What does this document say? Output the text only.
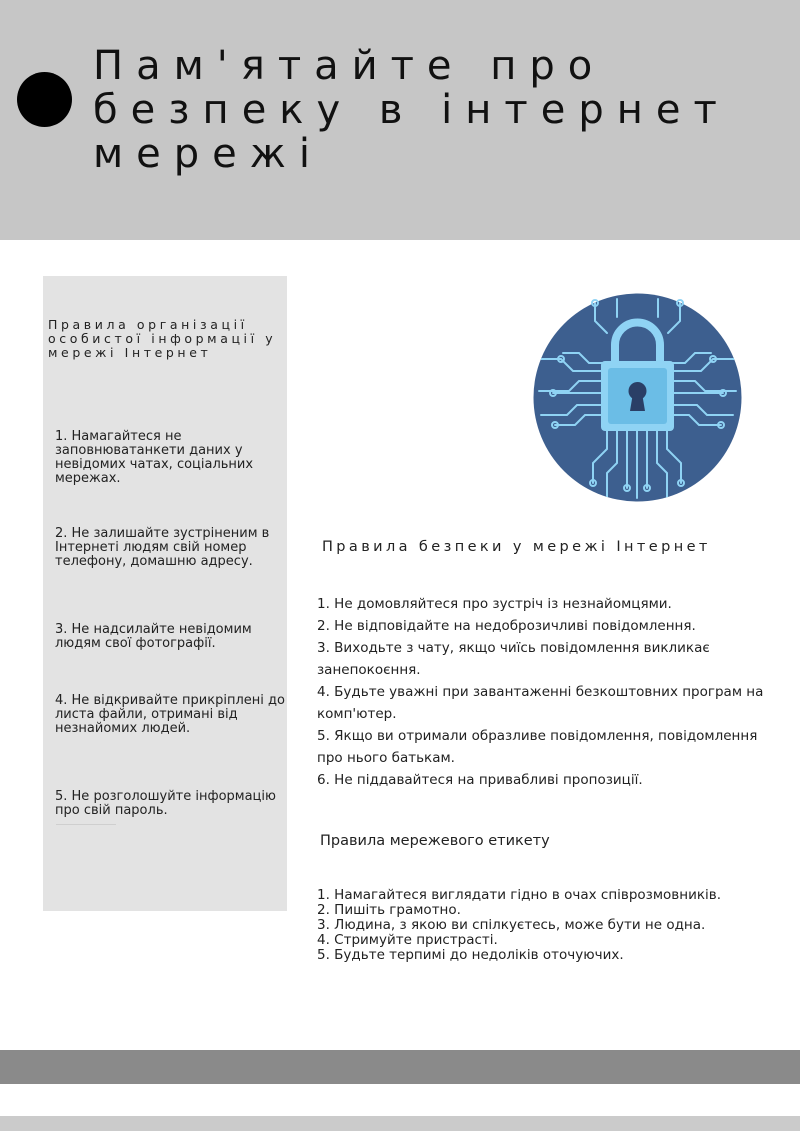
Пам'ятайте про безпеку в інтернет мережі
Правила організації особистої інформації у мережі Інтернет
1. Намагайтеся не заповнюватанкети даних у невідомих чатах, соціальних мережах.
2. Не залишайте зустріненим в Інтернеті людям свій номер телефону, домашню адресу.
3. Не надсилайте невідомим людям свої фотографії.
4. Не відкривайте прикріплені до листа файли, отримані від незнайомих людей.
5. Не розголошуйте інформацію про свій пароль.
Правила безпеки у мережі Інтернет
1. Не домовляйтеся про зустріч із незнайомцями.
2. Не відповідайте на недоброзичливі повідомлення.
3. Виходьте з чату, якщо чиїсь повідомлення викликає занепокоєння.
4. Будьте уважні при завантаженні безкоштовних програм на комп'ютер.
5. Якщо ви отримали образливе повідомлення, повідомлення про нього батькам.
6. Не піддавайтеся на привабливі пропозиції.
Правила мережевого етикету
1. Намагайтеся виглядати гідно в очах співрозмовників.
2. Пишіть грамотно.
3. Людина, з якою ви спілкуєтесь, може бути не одна.
4. Стримуйте пристрасті.
5. Будьте терпимі до недоліків оточуючих.
